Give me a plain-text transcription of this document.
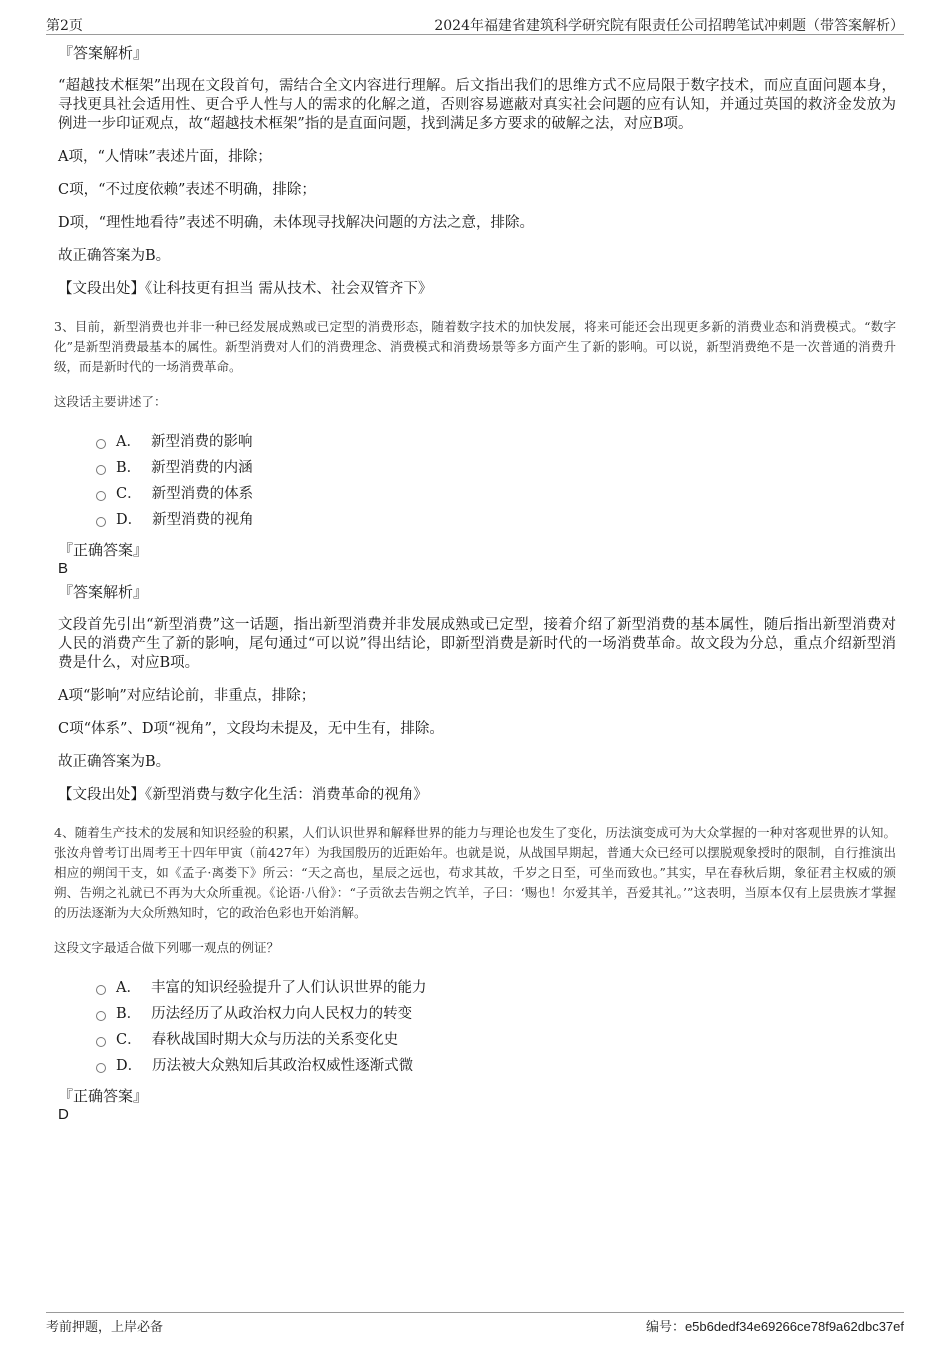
第2页	2024年福建省建筑科学研究院有限责任公司招聘笔试冲刺题（带答案解析）
『答案解析』
“超越技术框架”出现在文段首句，需结合全文内容进行理解。后文指出我们的思维方式不应局限于数字技术，而应直面问题本身，寻找更具社会适用性、更合乎人性与人的需求的化解之道，否则容易遮蔽对真实社会问题的应有认知，并通过英国的救济金发放为例进一步印证观点，故“超越技术框架”指的是直面问题，找到满足多方要求的破解之法，对应B项。
A项，“人情味”表述片面，排除；
C项，“不过度依赖”表述不明确，排除；
D项，“理性地看待”表述不明确，未体现寻找解决问题的方法之意，排除。
故正确答案为B。
【文段出处】《让科技更有担当 需从技术、社会双管齐下》
3、目前，新型消费也并非一种已经发展成熟或已定型的消费形态，随着数字技术的加快发展，将来可能还会出现更多新的消费业态和消费模式。“数字化”是新型消费最基本的属性。新型消费对人们的消费理念、消费模式和消费场景等多方面产生了新的影响。可以说，新型消费绝不是一次普通的消费升级，而是新时代的一场消费革命。
这段话主要讲述了：
A． 新型消费的影响
B． 新型消费的内涵
C． 新型消费的体系
D． 新型消费的视角
『正确答案』
B
『答案解析』
文段首先引出“新型消费”这一话题，指出新型消费并非发展成熟或已定型，接着介绍了新型消费的基本属性，随后指出新型消费对人民的消费产生了新的影响，尾句通过“可以说”得出结论，即新型消费是新时代的一场消费革命。故文段为分总，重点介绍新型消费是什么，对应B项。
A项“影响”对应结论前，非重点，排除；
C项“体系”、D项“视角”，文段均未提及，无中生有，排除。
故正确答案为B。
【文段出处】《新型消费与数字化生活：消费革命的视角》
4、随着生产技术的发展和知识经验的积累，人们认识世界和解释世界的能力与理论也发生了变化，历法演变成可为大众掌握的一种对客观世界的认知。张汝舟曾考订出周考王十四年甲寅（前427年）为我国殷历的近距始年。也就是说，从战国早期起，普通大众已经可以摆脱观象授时的限制，自行推演出相应的朔闰干支，如《孟子·离娄下》所云：“天之高也，星辰之远也，苟求其故，千岁之日至，可坐而致也。”其实，早在春秋后期，象征君主权威的颁朔、告朔之礼就已不再为大众所重视。《论语·八佾》：“子贡欲去告朔之饩羊，子曰：‘赐也！尔爱其羊，吾爱其礼。’”这表明，当原本仅有上层贵族才掌握的历法逐渐为大众所熟知时，它的政治色彩也开始消解。
这段文字最适合做下列哪一观点的例证？
A． 丰富的知识经验提升了人们认识世界的能力
B． 历法经历了从政治权力向人民权力的转变
C． 春秋战国时期大众与历法的关系变化史
D． 历法被大众熟知后其政治权威性逐渐式微
『正确答案』
D
考前押题，上岸必备	编号：e5b6dedf34e69266ce78f9a62dbc37ef
